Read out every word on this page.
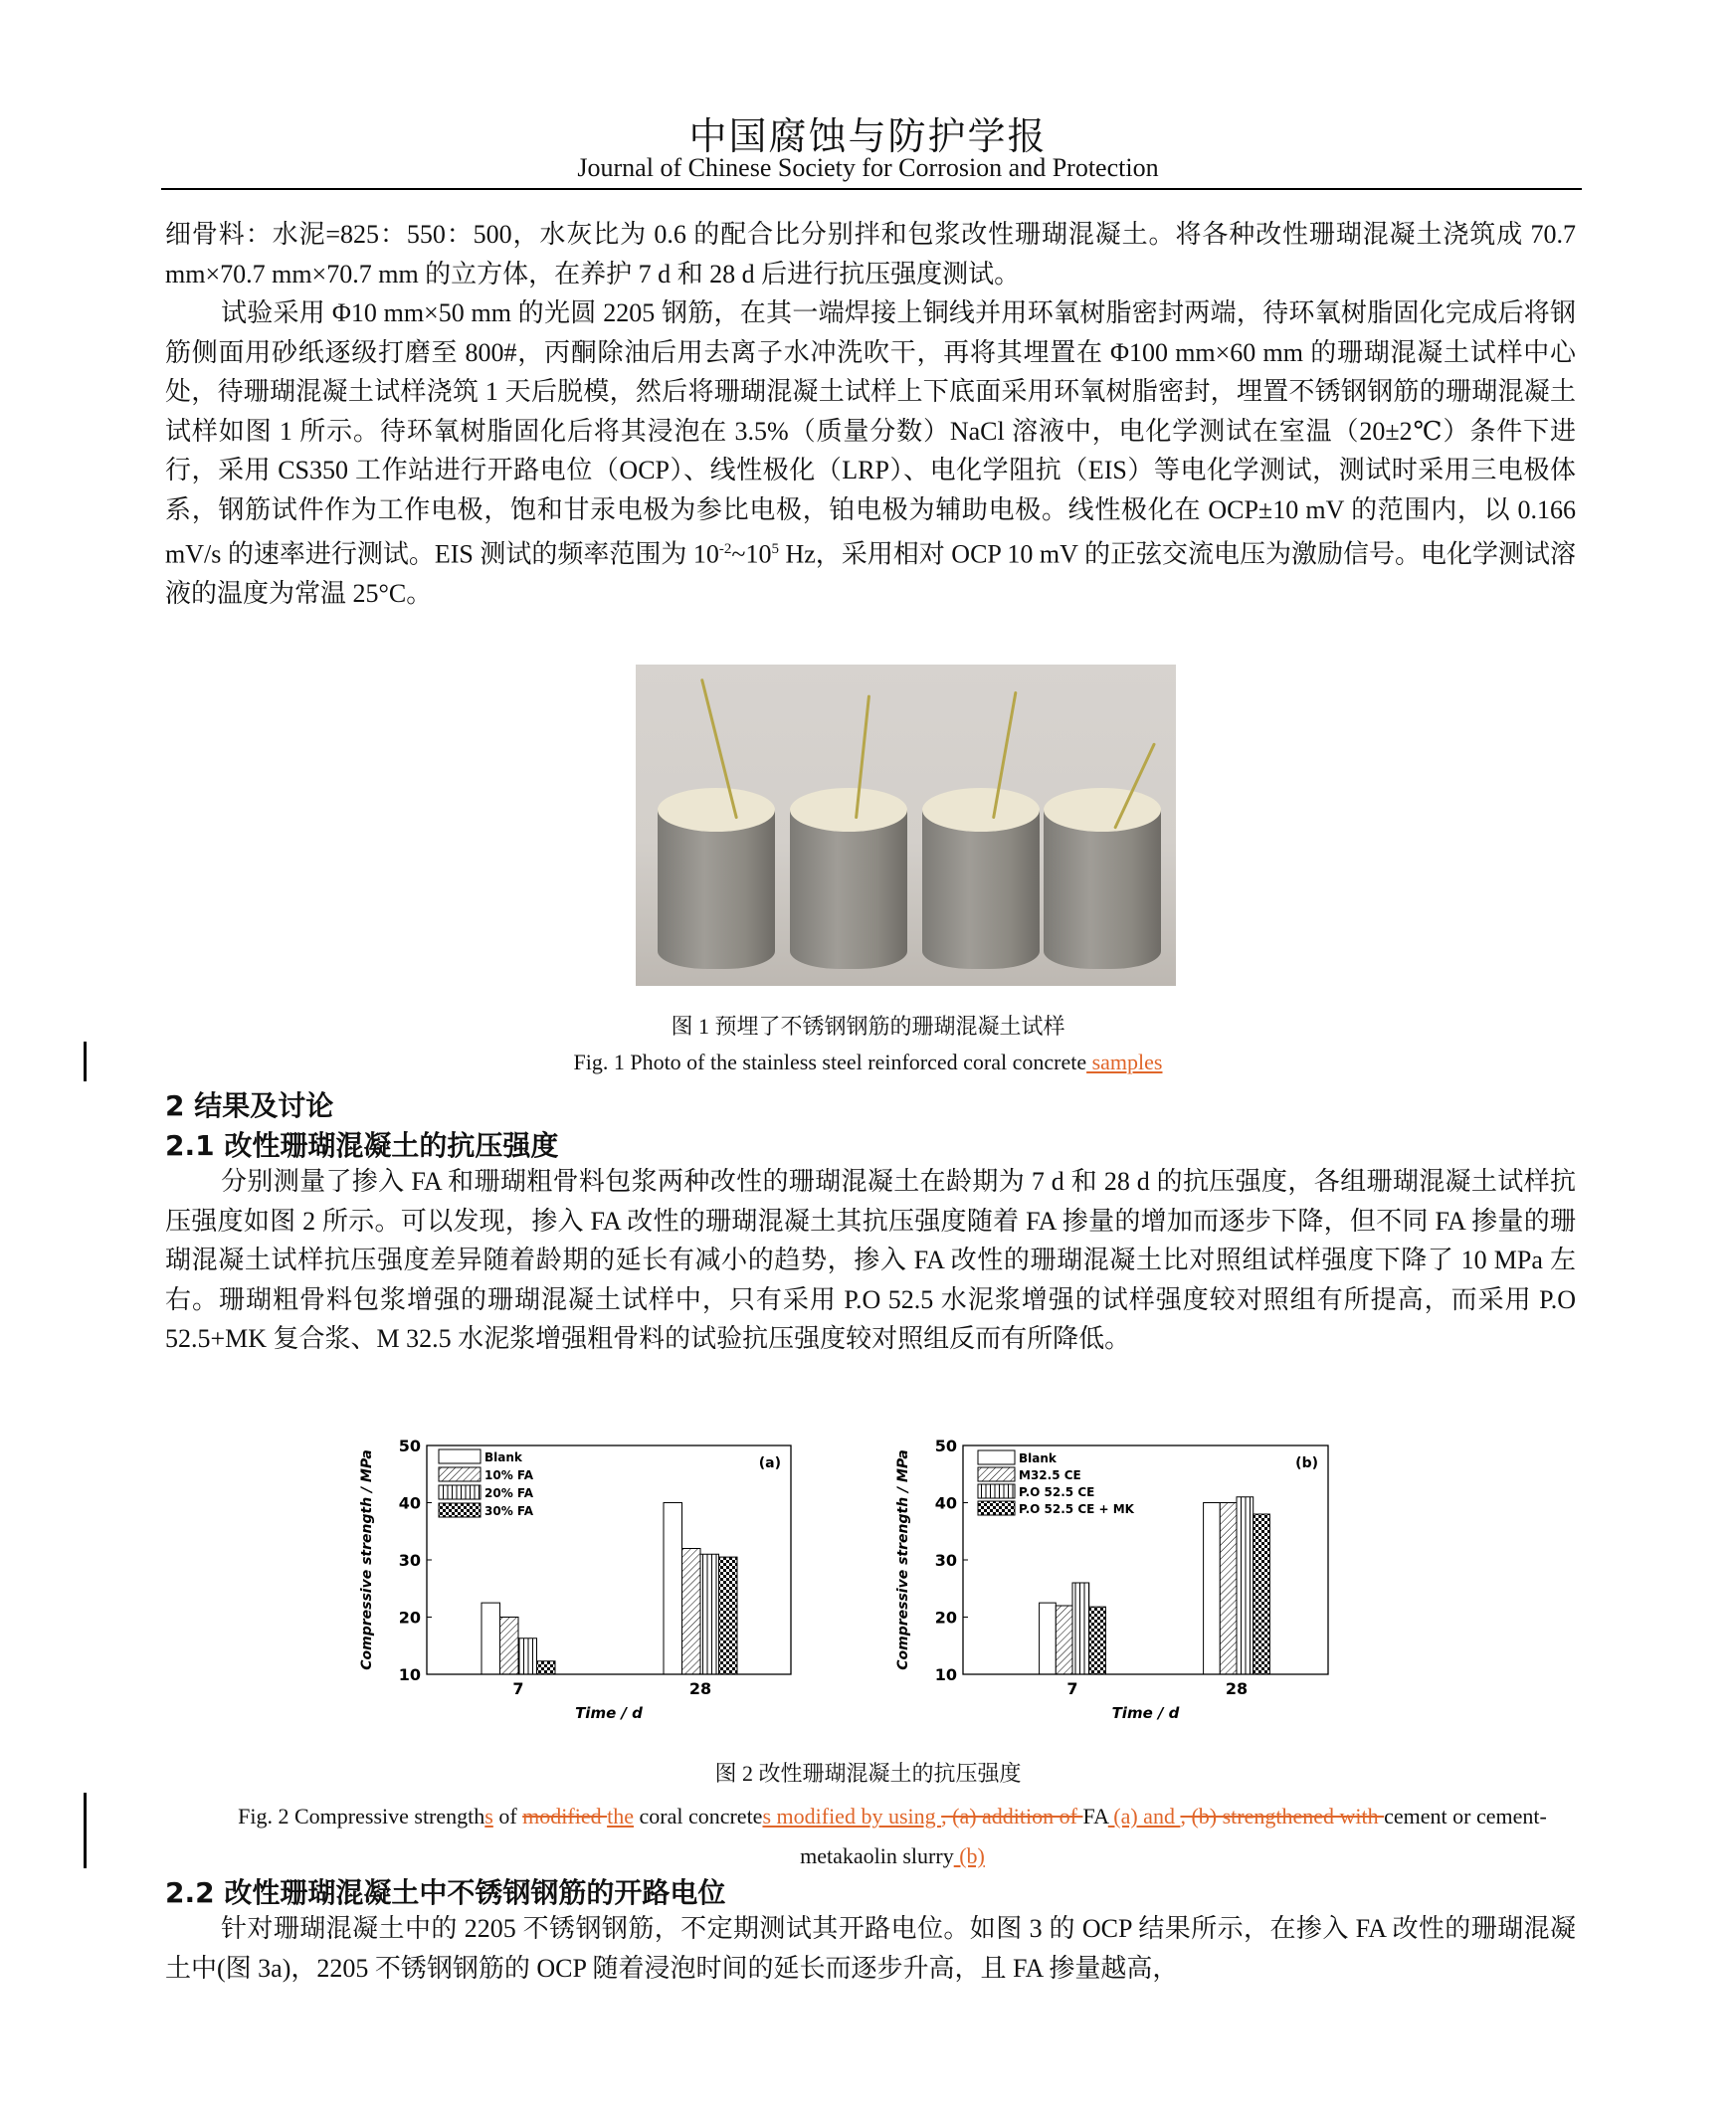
中国腐蚀与防护学报
Journal of Chinese Society for Corrosion and Protection
细骨料：水泥=825：550：500，水灰比为 0.6 的配合比分别拌和包浆改性珊瑚混凝土。将各种改性珊瑚混凝土浇筑成 70.7 mm×70.7 mm×70.7 mm 的立方体，在养护 7 d 和 28 d 后进行抗压强度测试。
试验采用 Φ10 mm×50 mm 的光圆 2205 钢筋，在其一端焊接上铜线并用环氧树脂密封两端，待环氧树脂固化完成后将钢筋侧面用砂纸逐级打磨至 800#，丙酮除油后用去离子水冲洗吹干，再将其埋置在 Φ100 mm×60 mm 的珊瑚混凝土试样中心处，待珊瑚混凝土试样浇筑 1 天后脱模，然后将珊瑚混凝土试样上下底面采用环氧树脂密封，埋置不锈钢钢筋的珊瑚混凝土试样如图 1 所示。待环氧树脂固化后将其浸泡在 3.5%（质量分数）NaCl 溶液中，电化学测试在室温（20±2℃）条件下进行，采用 CS350 工作站进行开路电位（OCP）、线性极化（LRP）、电化学阻抗（EIS）等电化学测试，测试时采用三电极体系，钢筋试件作为工作电极，饱和甘汞电极为参比电极，铂电极为辅助电极。线性极化在 OCP±10 mV 的范围内，以 0.166 mV/s 的速率进行测试。EIS 测试的频率范围为 $10^{-2}\sim 10^5$ Hz，采用相对 OCP 10 mV 的正弦交流电压为激励信号。电化学测试溶液的温度为常温 25°C。
图 1 预埋了不锈钢钢筋的珊瑚混凝土试样
Fig. 1 Photo of the stainless steel reinforced coral concrete samples
2 结果及讨论
2.1 改性珊瑚混凝土的抗压强度
分别测量了掺入 FA 和珊瑚粗骨料包浆两种改性的珊瑚混凝土在龄期为 7 d 和 28 d 的抗压强度，各组珊瑚混凝土试样抗压强度如图 2 所示。可以发现，掺入 FA 改性的珊瑚混凝土其抗压强度随着 FA 掺量的增加而逐步下降，但不同 FA 掺量的珊瑚混凝土试样抗压强度差异随着龄期的延长有减小的趋势，掺入 FA 改性的珊瑚混凝土比对照组试样强度下降了 10 MPa 左右。珊瑚粗骨料包浆增强的珊瑚混凝土试样中，只有采用 P.O 52.5 水泥浆增强的试样强度较对照组有所提高，而采用 P.O 52.5+MK 复合浆、M 32.5 水泥浆增强粗骨料的试验抗压强度较对照组反而有所降低。
7	28
10
20
30
40
50
Time / d
Compressive strength / MPa	(a)
Blank
10% FA
20% FA
30% FA
7	28
10
20
30
40
50
Time / d
Compressive strength / MPa	(b)
Blank
M32.5 CE
P.O 52.5 CE
P.O 52.5 CE + MK
图 2 改性珊瑚混凝土的抗压强度
Fig. 2 Compressive strengths of modified the coral concretes modified by using , (a) addition of FA (a) and , (b) strengthened with cement or cement-metakaolin slurry (b)
2.2 改性珊瑚混凝土中不锈钢钢筋的开路电位
针对珊瑚混凝土中的 2205 不锈钢钢筋，不定期测试其开路电位。如图 3 的 OCP 结果所示，在掺入 FA 改性的珊瑚混凝土中(图 3a)，2205 不锈钢钢筋的 OCP 随着浸泡时间的延长而逐步升高，且 FA 掺量越高，
